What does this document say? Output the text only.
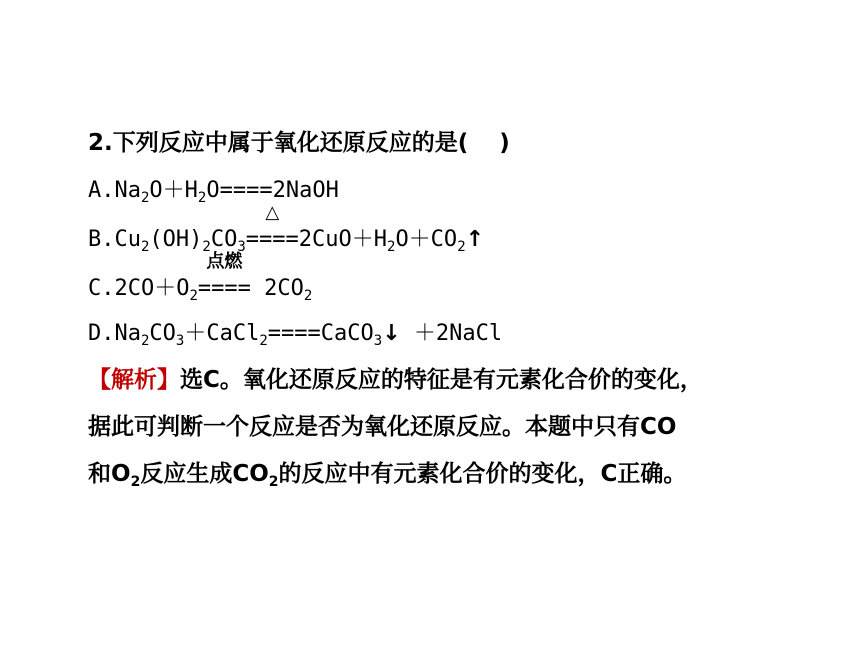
2.下列反应中属于氧化还原反应的是(　 )
$A.Na_2O+H_2O====2NaOH$
$B.Cu_2(OH)_2CO_3$
△
$====2CuO+H_2O+CO_2↑$
$C.2CO+O_2$
点燃
==== $2CO_2$
$D.Na_2CO_3+CaCl_2====CaCO_3↓$ ＋2NaCl
【解析】选C。氧化还原反应的特征是有元素化合价的变化，
据此可判断一个反应是否为氧化还原反应。本题中只有CO
和$O_2$反应生成$CO_2$的反应中有元素化合价的变化，C正确。
